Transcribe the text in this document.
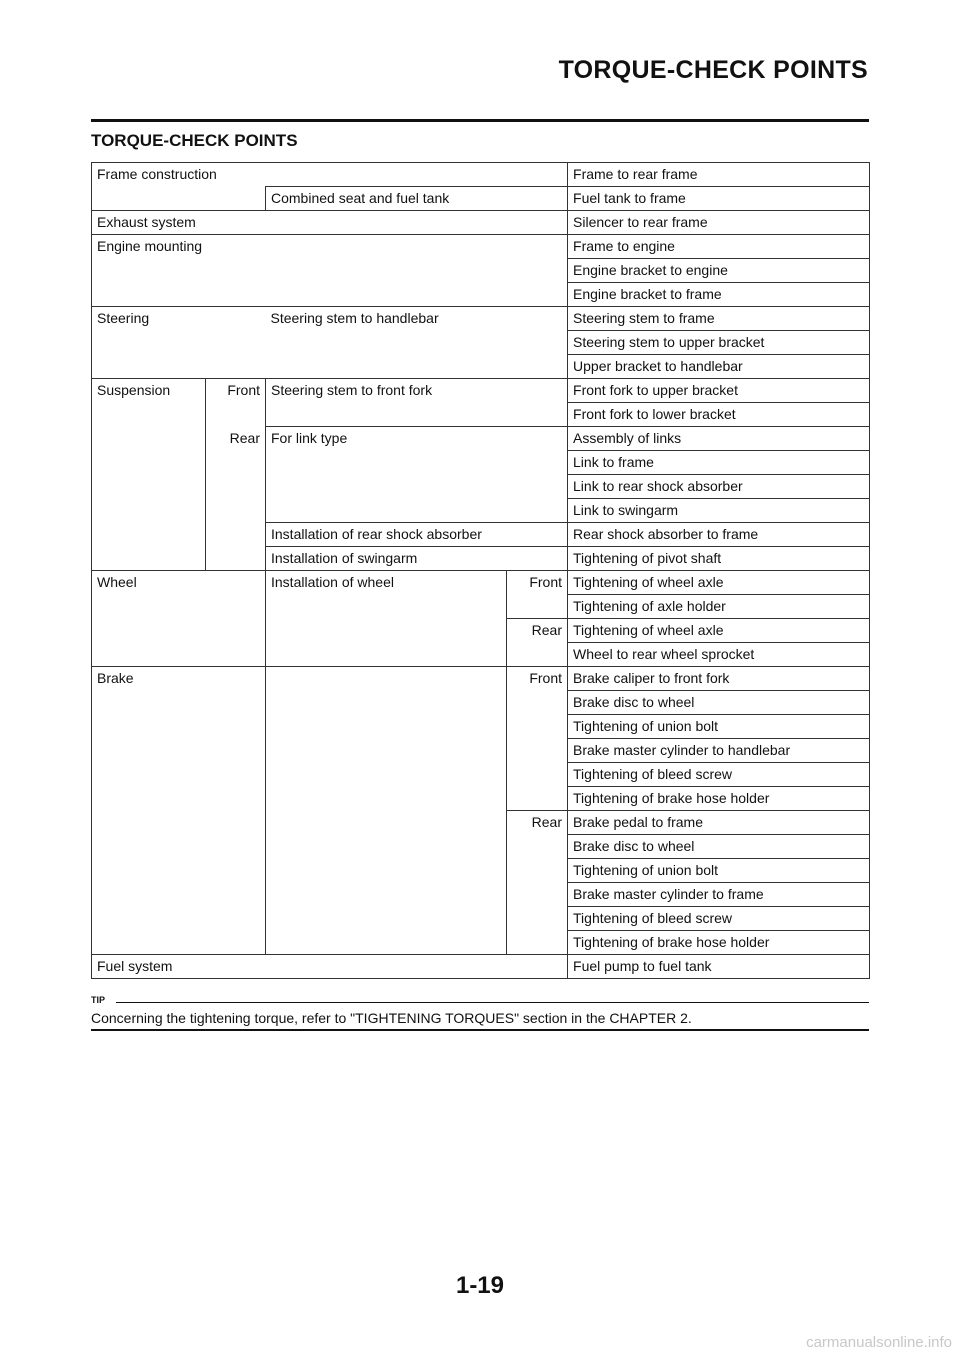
TORQUE-CHECK POINTS
TORQUE-CHECK POINTS
Frame construction				Frame to rear frame
		Combined seat and fuel tank		Fuel tank to frame
Exhaust system				Silencer to rear frame
Engine mounting				Frame to engine
				Engine bracket to engine
				Engine bracket to frame
Steering		Steering stem to handlebar		Steering stem to frame
				Steering stem to upper bracket
				Upper bracket to handlebar
Suspension	Front	Steering stem to front fork		Front fork to upper bracket
				Front fork to lower bracket
	Rear	For link type		Assembly of links
				Link to frame
				Link to rear shock absorber
				Link to swingarm
		Installation of rear shock absorber		Rear shock absorber to frame
		Installation of swingarm		Tightening of pivot shaft
Wheel		Installation of wheel	Front	Tightening of wheel axle
				Tightening of axle holder
			Rear	Tightening of wheel axle
				Wheel to rear wheel sprocket
Brake			Front	Brake caliper to front fork
				Brake disc to wheel
				Tightening of union bolt
				Brake master cylinder to handlebar
				Tightening of bleed screw
				Tightening of brake hose holder
			Rear	Brake pedal to frame
				Brake disc to wheel
				Tightening of union bolt
				Brake master cylinder to frame
				Tightening of bleed screw
				Tightening of brake hose holder
Fuel system				Fuel pump to fuel tank
TIP
Concerning the tightening torque, refer to "TIGHTENING TORQUES" section in the CHAPTER 2.
1-19
carmanualsonline.info
